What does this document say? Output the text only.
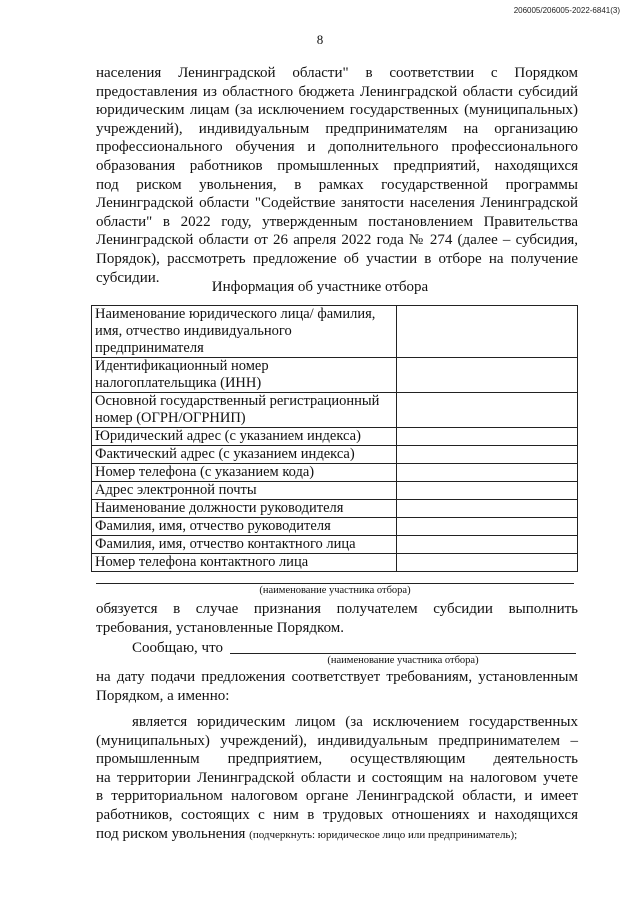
206005/206005-2022-6841(3)
8
населения Ленинградской области" в соответствии с Порядком
предоставления из областного бюджета Ленинградской области субсидий
юридическим лицам (за исключением государственных (муниципальных)
учреждений), индивидуальным предпринимателям на организацию
профессионального обучения и дополнительного профессионального
образования работников промышленных предприятий, находящихся
под риском увольнения, в рамках государственной программы
Ленинградской области "Содействие занятости населения Ленинградской
области" в 2022 году, утвержденным постановлением Правительства
Ленинградской области от 26 апреля 2022 года № 274 (далее – субсидия,
Порядок), рассмотреть предложение об участии в отборе на получение
субсидии.
Информация об участнике отбора
Наименование юридического лица/ фамилия, имя, отчество индивидуального предпринимателя	
Идентификационный номер налогоплательщика (ИНН)	
Основной государственный регистрационный номер (ОГРН/ОГРНИП)	
Юридический адрес (с указанием индекса)	
Фактический адрес (с указанием индекса)	
Номер телефона (с указанием кода)	
Адрес электронной почты	
Наименование должности руководителя	
Фамилия, имя, отчество руководителя	
Фамилия, имя, отчество контактного лица	
Номер телефона контактного лица	
(наименование участника отбора)
обязуется в случае признания получателем субсидии выполнить
требования, установленные Порядком.
Сообщаю, что
(наименование участника отбора)
на дату подачи предложения соответствует требованиям, установленным
Порядком, а именно:
является юридическим лицом (за исключением государственных
(муниципальных) учреждений), индивидуальным предпринимателем –
промышленным предприятием, осуществляющим деятельность
на территории Ленинградской области и состоящим на налоговом учете
в территориальном налоговом органе Ленинградской области, и имеет
работников, состоящих с ним в трудовых отношениях и находящихся
под риском увольнения (подчеркнуть: юридическое лицо или предприниматель);
